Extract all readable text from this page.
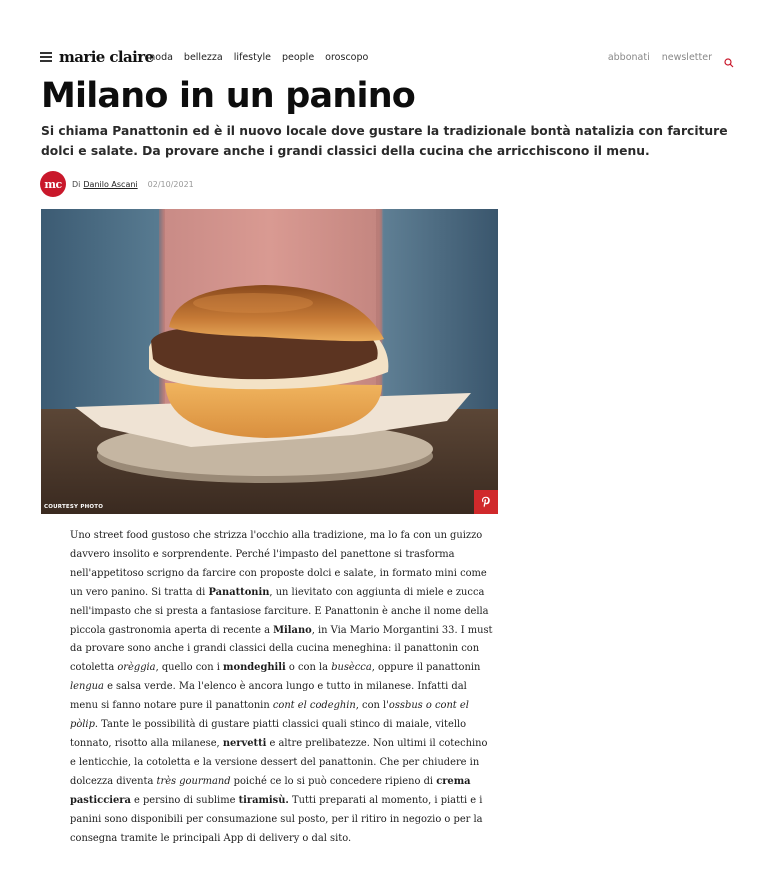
marie claire
moda bellezza lifestyle people oroscopo	abbonati newsletter
Milano in un panino

Si chiama Panattonin ed è il nuovo locale dove gustare la tradizionale bontà natalizia con farciture dolci e salate. Da provare anche i grandi classici della cucina che arricchiscono il menu.

mc	Di Danilo Ascani 02/10/2021
COURTESY PHOTO
Uno street food gustoso che strizza l'occhio alla tradizione, ma lo fa con un guizzo
davvero insolito e sorprendente. Perché l'impasto del panettone si trasforma
nell'appetitoso scrigno da farcire con proposte dolci e salate, in formato mini come
un vero panino. Si tratta di Panattonin, un lievitato con aggiunta di miele e zucca
nell'impasto che si presta a fantasiose farciture. E Panattonin è anche il nome della
piccola gastronomia aperta di recente a Milano, in Via Mario Morgantini 33. I must
da provare sono anche i grandi classici della cucina meneghina: il panattonin con
cotoletta orèggia, quello con i mondeghili o con la busècca, oppure il panattonin
lengua e salsa verde. Ma l'elenco è ancora lungo e tutto in milanese. Infatti dal
menu si fanno notare pure il panattonin cont el codeghin, con l'ossbus o cont el
pòlip. Tante le possibilità di gustare piatti classici quali stinco di maiale, vitello
tonnato, risotto alla milanese, nervetti e altre prelibatezze. Non ultimi il cotechino
e lenticchie, la cotoletta e la versione dessert del panattonin. Che per chiudere in
dolcezza diventa très gourmand poiché ce lo si può concedere ripieno di crema
pasticciera e persino di sublime tiramisù. Tutti preparati al momento, i piatti e i
panini sono disponibili per consumazione sul posto, per il ritiro in negozio o per la
consegna tramite le principali App di delivery o dal sito.
